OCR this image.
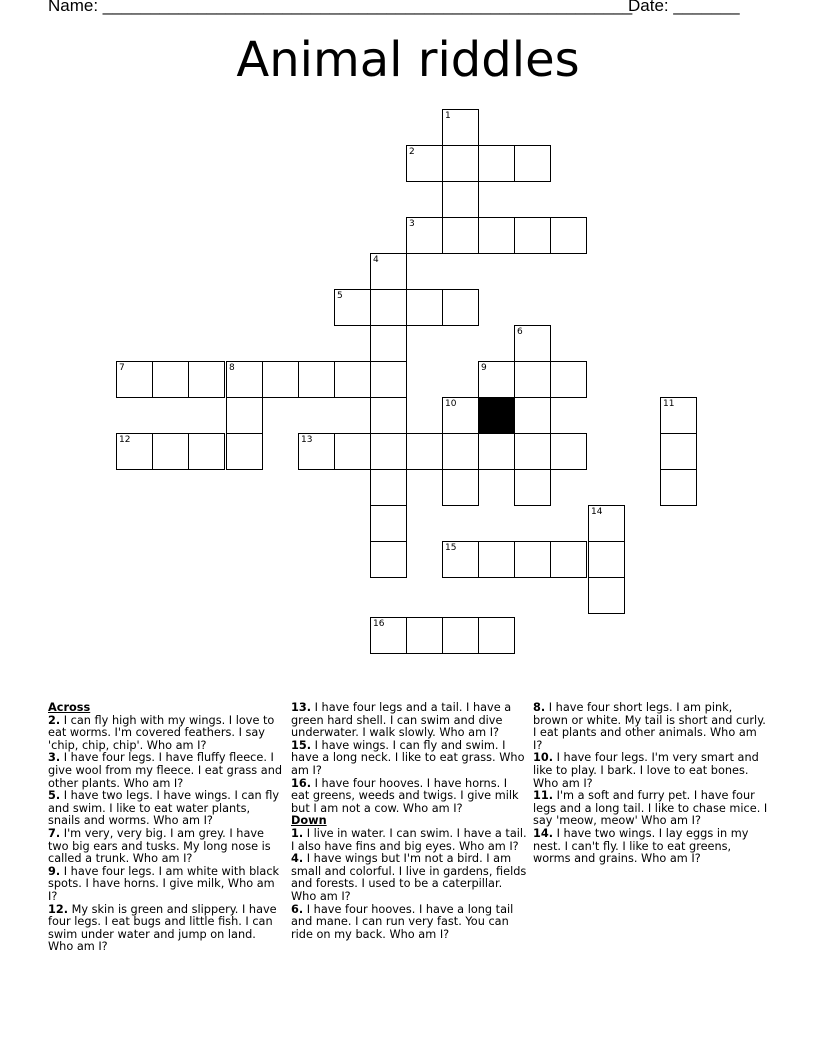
Name: ________________________________________________________
Date: _______
Animal riddles
1
2
3
4
5
6
7	8	9
10	11
12	13
14
15
16
Across
2. I can fly high with my wings. I love to eat worms. I'm covered feathers. I say 'chip, chip, chip'. Who am I?
3. I have four legs. I have fluffy fleece. I give wool from my fleece. I eat grass and other plants. Who am I?
5. I have two legs. I have wings. I can fly and swim. I like to eat water plants, snails and worms. Who am I?
7. I'm very, very big. I am grey. I have two big ears and tusks. My long nose is called a trunk. Who am I?
9. I have four legs. I am white with black spots. I have horns. I give milk, Who am I?
12. My skin is green and slippery. I have four legs. I eat bugs and little fish. I can swim under water and jump on land. Who am I?
13. I have four legs and a tail. I have a green hard shell. I can swim and dive underwater. I walk slowly. Who am I?
15. I have wings. I can fly and swim. I have a long neck. I like to eat grass. Who am I?
16. I have four hooves. I have horns. I eat greens, weeds and twigs. I give milk but I am not a cow. Who am I?
Down
1. I live in water. I can swim. I have a tail. I also have fins and big eyes. Who am I?
4. I have wings but I'm not a bird. I am small and colorful. I live in gardens, fields and forests. I used to be a caterpillar. Who am I?
6. I have four hooves. I have a long tail and mane. I can run very fast. You can ride on my back. Who am I?
8. I have four short legs. I am pink, brown or white. My tail is short and curly. I eat plants and other animals. Who am I?
10. I have four legs. I'm very smart and like to play. I bark. I love to eat bones. Who am I?
11. I'm a soft and furry pet. I have four legs and a long tail. I like to chase mice. I say 'meow, meow' Who am I?
14. I have two wings. I lay eggs in my nest. I can't fly. I like to eat greens, worms and grains. Who am I?
